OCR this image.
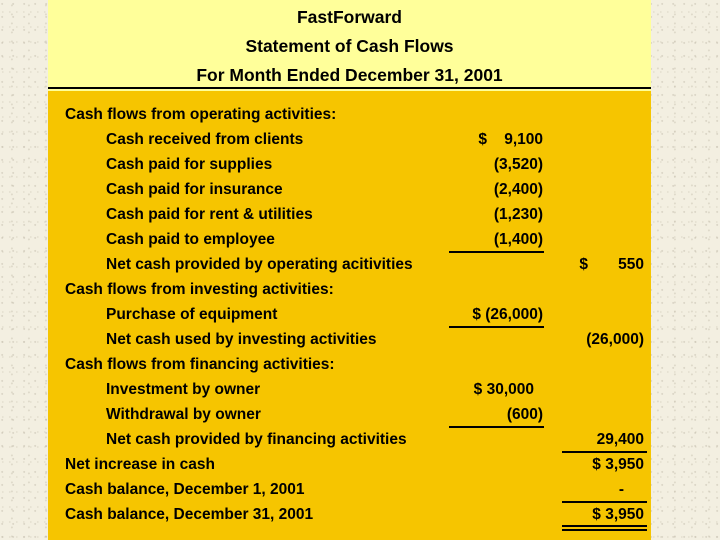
FastForward
Statement of Cash Flows
For Month Ended December 31, 2001
Cash flows from operating activities:
Cash received from clients	$    9,100
Cash paid for supplies	(3,520)
Cash paid for insurance	(2,400)
Cash paid for rent & utilities	(1,230)
Cash paid to employee	(1,400)
Net cash provided by operating acitivities	$       550
Cash flows from investing activities:
Purchase of equipment	$ (26,000)
Net cash used by investing activities	(26,000)
Cash flows from financing activities:
Investment by owner	$ 30,000
Withdrawal by owner	(600)
Net cash provided by financing activities	29,400
Net increase in cash	$ 3,950
Cash balance, December 1, 2001	-
Cash balance, December 31, 2001	$ 3,950
